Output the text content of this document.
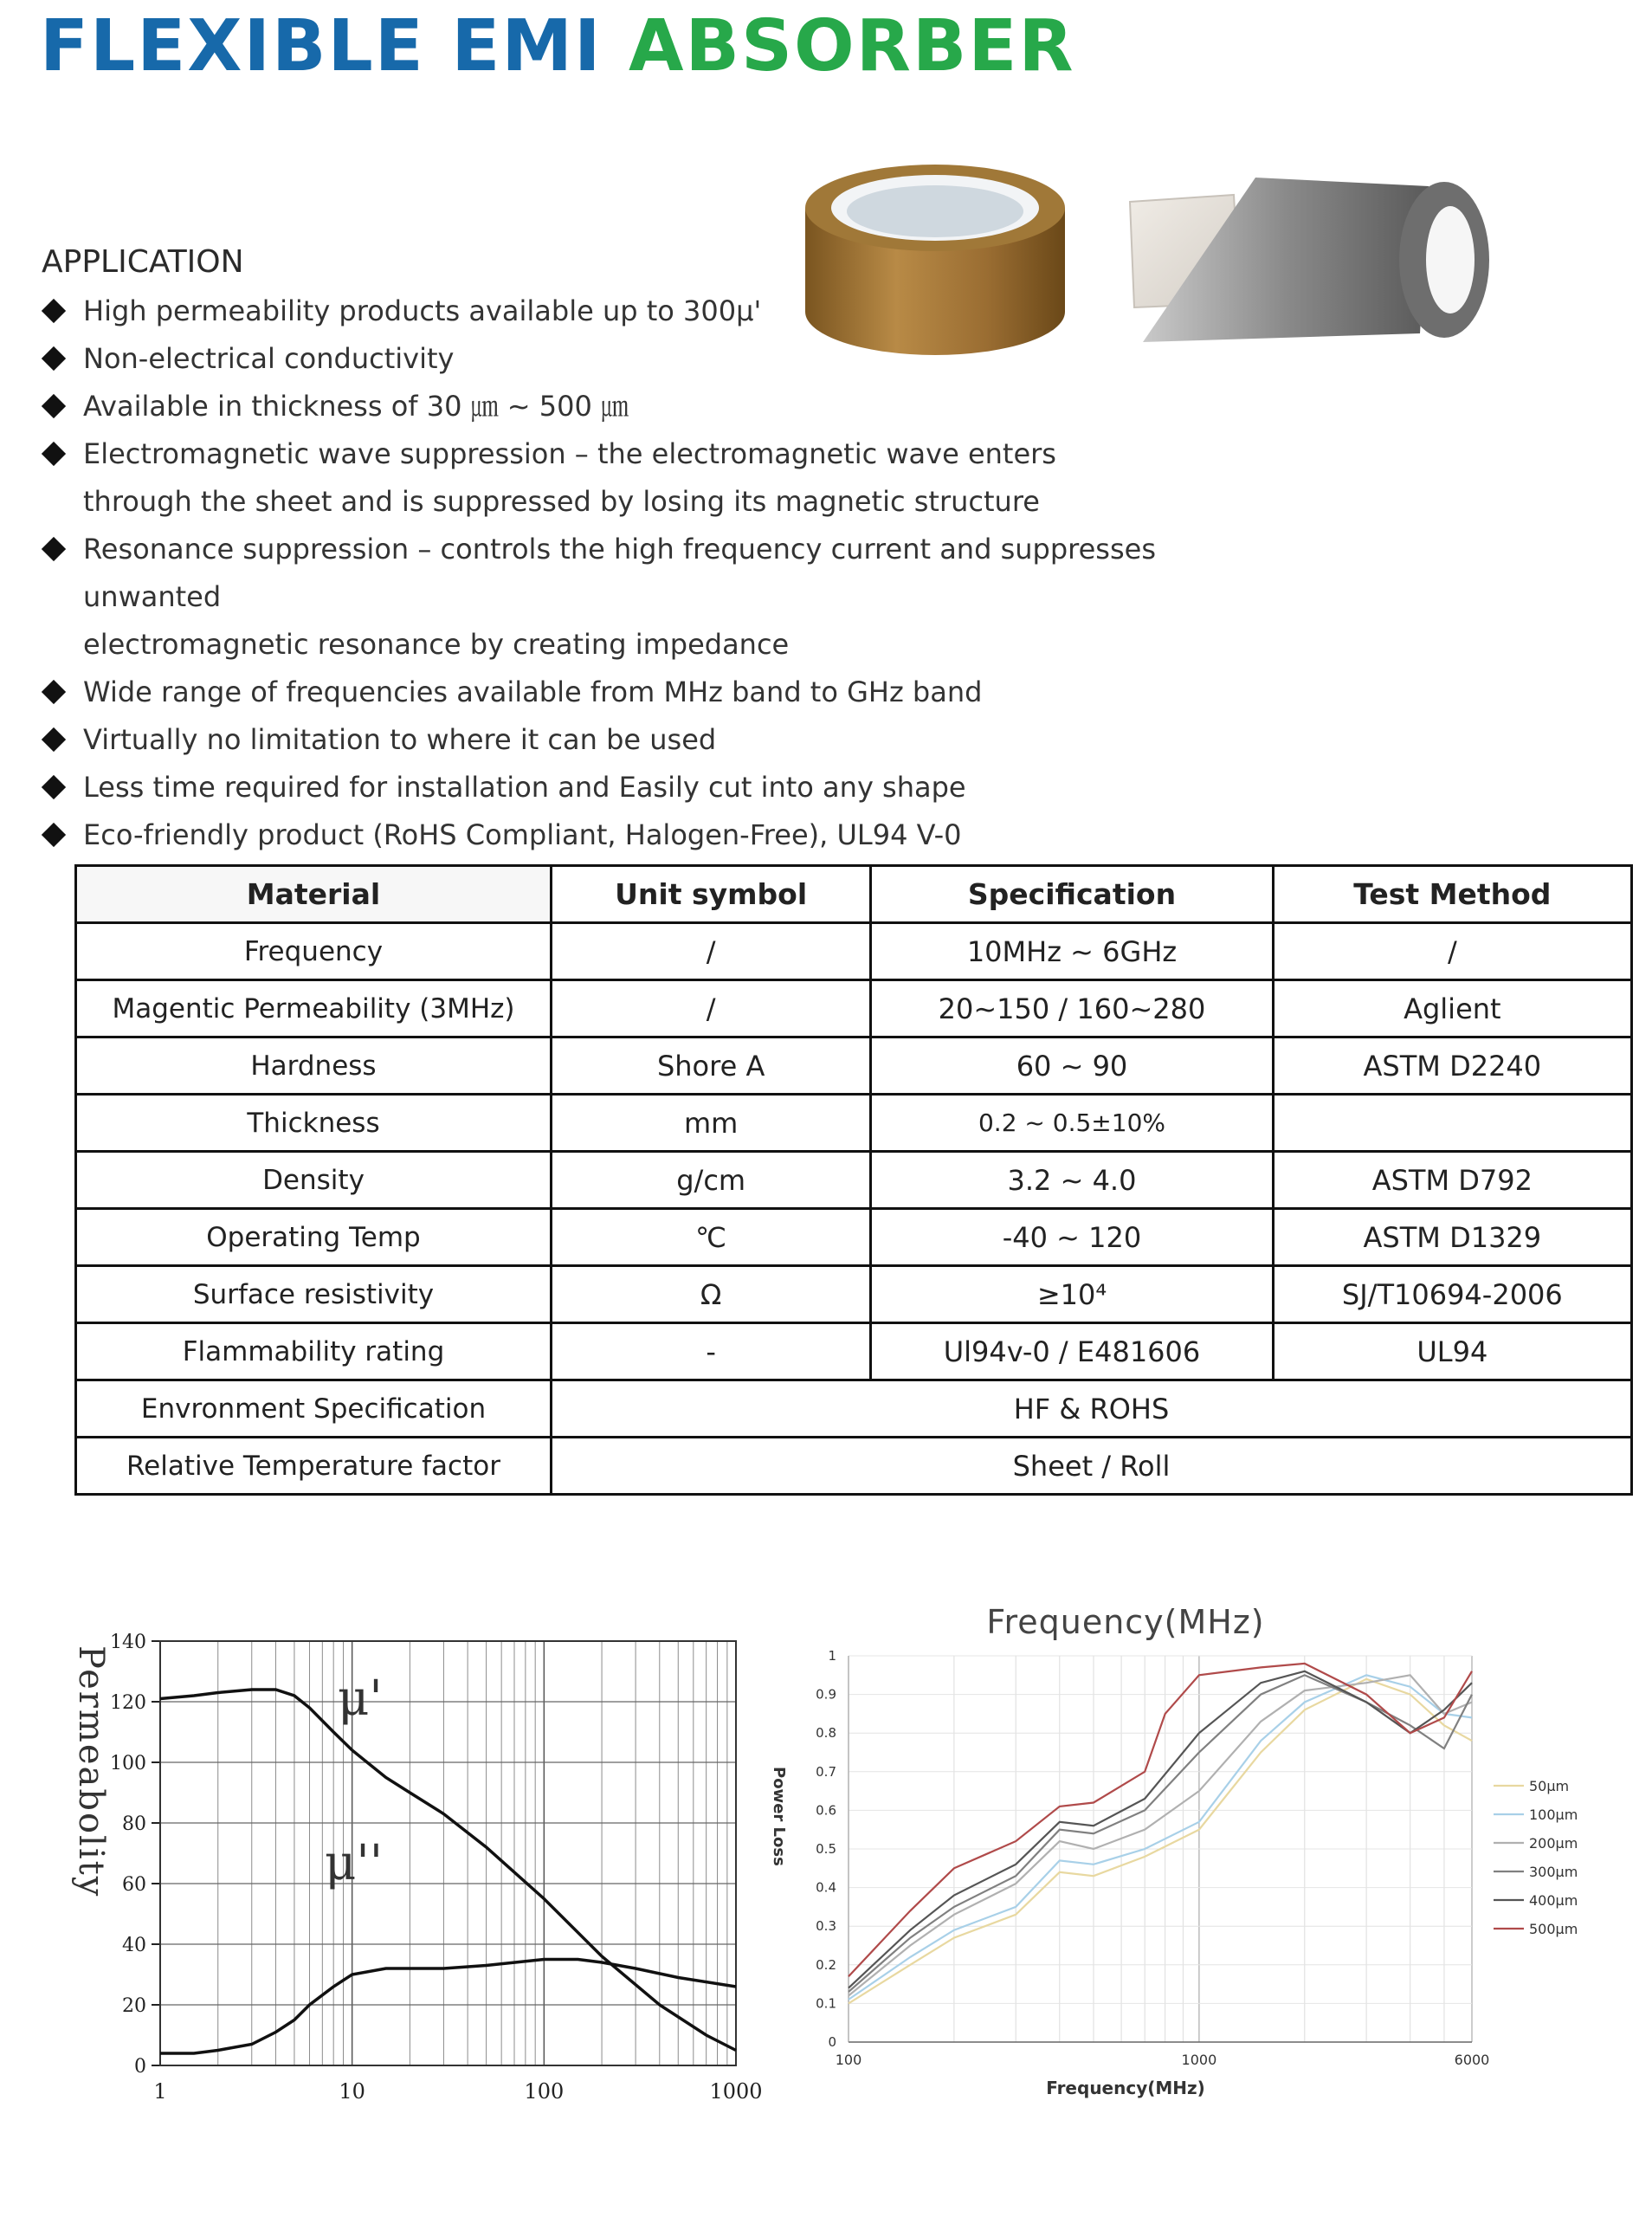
FLEXIBLE EMI ABSORBER
APPLICATION
High permeability products available up to 300μ'
Non-electrical conductivity
Available in thickness of 30 ㎛ ~ 500 ㎛
Electromagnetic wave suppression – the electromagnetic wave enters
through the sheet and is suppressed by losing its magnetic structure
Resonance suppression – controls the high frequency current and suppresses unwanted
electromagnetic resonance by creating impedance
Wide range of frequencies available from MHz band to GHz band
Virtually no limitation to where it can be used
Less time required for installation and Easily cut into any shape
Eco-friendly product (RoHS Compliant, Halogen-Free), UL94 V-0
Material	Unit symbol	Specification	Test Method
Frequency	/	10MHz ~ 6GHz	/
Magentic Permeability (3MHz)	/	20~150 / 160~280	Aglient
Hardness	Shore A	60 ~ 90	ASTM D2240
Thickness	mm	0.2 ~ 0.5±10%	
Density	g/cm	3.2 ~ 4.0	ASTM D792
Operating Temp	℃	-40 ~ 120	ASTM D1329
Surface resistivity	Ω	≥10⁴	SJ/T10694-2006
Flammability rating	-	Ul94v-0 / E481606	UL94
Envronment Specification	HF & ROHS		
Relative Temperature factor	Sheet / Roll		
1	10	100	1000
0
20
40
60
80
100
120
140
Permeabolity	μ'
μ''
100	1000	6000
0
0.1
0.2
0.3
0.4
0.5
0.6
0.7
0.8
0.9
1
Frequency(MHz)
Frequency(MHz)
Power Loss	50μm
100μm
200μm
300μm
400μm
500μm
